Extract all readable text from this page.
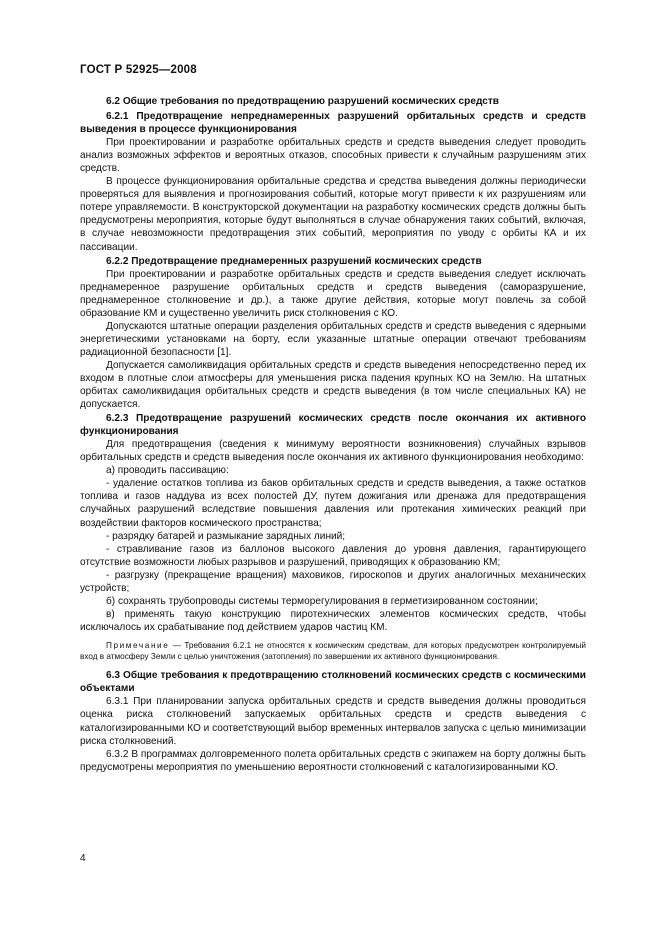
ГОСТ Р 52925—2008

6.2 Общие требования по предотвращению разрушений космических средств

6.2.1 Предотвращение непреднамеренных разрушений орбитальных средств и средств выведения в процессе функционирования

При проектировании и разработке орбитальных средств и средств выведения следует проводить анализ возможных эффектов и вероятных отказов, способных привести к случайным разрушениям этих средств.

В процессе функционирования орбитальные средства и средства выведения должны периодически проверяться для выявления и прогнозирования событий, которые могут привести к их разрушениям или потере управляемости. В конструкторской документации на разработку космических средств должны быть предусмотрены мероприятия, которые будут выполняться в случае обнаружения таких событий, включая, в случае невозможности предотвращения этих событий, мероприятия по уводу с орбиты КА и их пассивации.

6.2.2 Предотвращение преднамеренных разрушений космических средств

При проектировании и разработке орбитальных средств и средств выведения следует исключать преднамеренное разрушение орбитальных средств и средств выведения (саморазрушение, преднамеренное столкновение и др.), а также другие действия, которые могут повлечь за собой образование КМ и существенно увеличить риск столкновения с КО.

Допускаются штатные операции разделения орбитальных средств и средств выведения с ядерными энергетическими установками на борту, если указанные штатные операции отвечают требованиям радиационной безопасности [1].

Допускается самоликвидация орбитальных средств и средств выведения непосредственно перед их входом в плотные слои атмосферы для уменьшения риска падения крупных КО на Землю. На штатных орбитах самоликвидация орбитальных средств и средств выведения (в том числе специальных КА) не допускается.

6.2.3 Предотвращение разрушений космических средств после окончания их активного функционирования

Для предотвращения (сведения к минимуму вероятности возникновения) случайных взрывов орбитальных средств и средств выведения после окончания их активного функционирования необходимо:

а) проводить пассивацию:

- удаление остатков топлива из баков орбитальных средств и средств выведения, а также остатков топлива и газов наддува из всех полостей ДУ, путем дожигания или дренажа для предотвращения случайных разрушений вследствие повышения давления или протекания химических реакций при воздействии факторов космического пространства;

- разрядку батарей и размыкание зарядных линий;

- стравливание газов из баллонов высокого давления до уровня давления, гарантирующего отсутствие возможности любых разрывов и разрушений, приводящих к образованию КМ;

- разгрузку (прекращение вращения) маховиков, гироскопов и других аналогичных механических устройств;

б) сохранять трубопроводы системы терморегулирования в герметизированном состоянии;

в) применять такую конструкцию пиротехнических элементов космических средств, чтобы исключалось их срабатывание под действием ударов частиц КМ.

Примечание — Требования 6.2.1 не относятся к космическим средствам, для которых предусмотрен контролируемый вход в атмосферу Земли с целью уничтожения (затопления) по завершении их активного функционирования.

6.3 Общие требования к предотвращению столкновений космических средств с космическими объектами

6.3.1 При планировании запуска орбитальных средств и средств выведения должны проводиться оценка риска столкновений запускаемых орбитальных средств и средств выведения с каталогизированными КО и соответствующий выбор временных интервалов запуска с целью минимизации риска столкновений.

6.3.2 В программах долговременного полета орбитальных средств с экипажем на борту должны быть предусмотрены мероприятия по уменьшению вероятности столкновений с каталогизированными КО.

4
